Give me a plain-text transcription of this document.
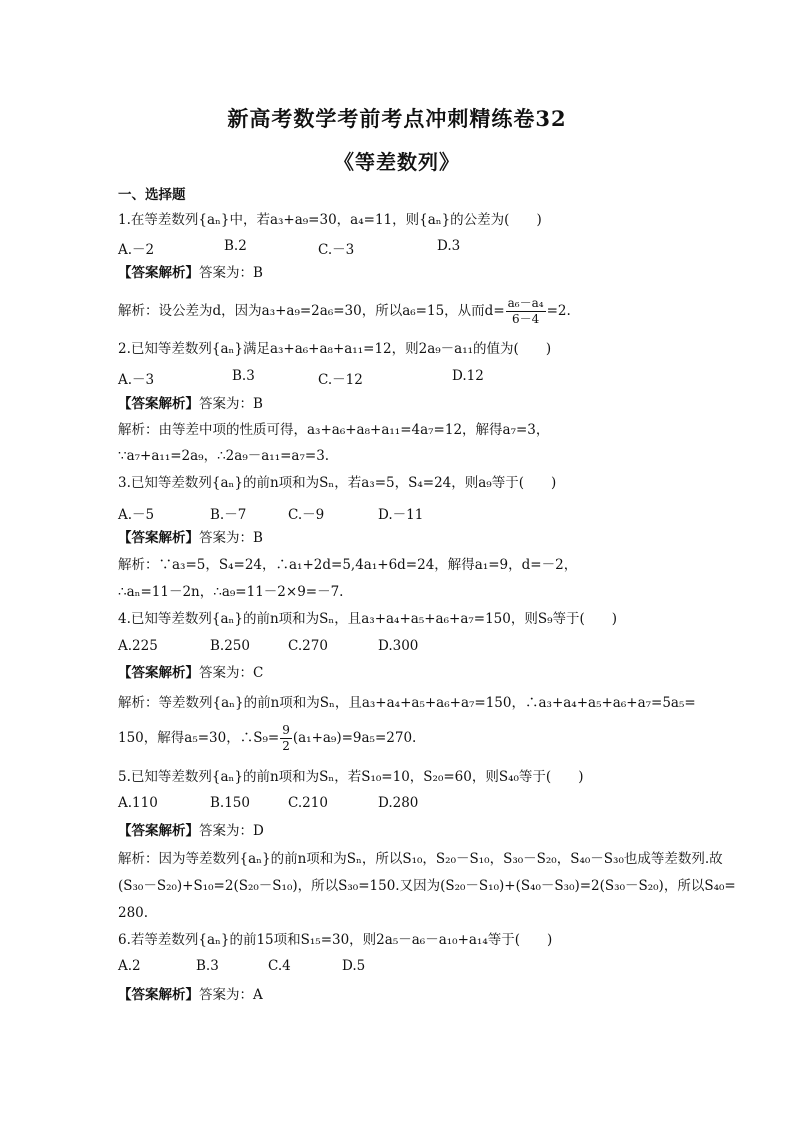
新高考数学考前考点冲刺精练卷32
《等差数列》
一、选择题
1.在等差数列{aₙ}中，若a₃+a₉=30，a₄=11，则{aₙ}的公差为(　　)
A.－2	B.2	C.－3	D.3
【答案解析】答案为：B
解析：设公差为d，因为a₃+a₉=2a₆=30，所以a₆=15，从而$d= \frac{\text{a₆－a₄}}{6-4} =2$.
2.已知等差数列{aₙ}满足a₃+a₆+a₈+a₁₁=12，则2a₉－a₁₁的值为(　　)
A.－3	B.3	C.－12	D.12
【答案解析】答案为：B
解析：由等差中项的性质可得，a₃+a₆+a₈+a₁₁=4a₇=12，解得a₇=3，
∵a₇+a₁₁=2a₉，∴2a₉－a₁₁=a₇=3.
3.已知等差数列{aₙ}的前n项和为Sₙ，若a₃=5，S₄=24，则a₉等于(　　)
A.－5	B.－7	C.－9	D.－11
【答案解析】答案为：B
解析：∵a₃=5，S₄=24，∴a₁+2d=5,4a₁+6d=24，解得a₁=9，d=－2，
∴aₙ=11－2n，∴a₉=11－2×9=－7.
4.已知等差数列{aₙ}的前n项和为Sₙ，且a₃+a₄+a₅+a₆+a₇=150，则S₉等于(　　)
A.225	B.250	C.270	D.300
【答案解析】答案为：C
解析：等差数列{aₙ}的前n项和为Sₙ，且a₃+a₄+a₅+a₆+a₇=150，∴a₃+a₄+a₅+a₆+a₇=5a₅=
150，解得a₅=30，∴S₉= $\frac{9}{2} (a_1+a_9)=9a_5=270$.
5.已知等差数列{aₙ}的前n项和为Sₙ，若S₁₀=10，S₂₀=60，则S₄₀等于(　　)
A.110	B.150	C.210	D.280
【答案解析】答案为：D
解析：因为等差数列{aₙ}的前n项和为Sₙ，所以S₁₀，S₂₀－S₁₀，S₃₀－S₂₀，S₄₀－S₃₀也成等差数列.故
(S₃₀－S₂₀)+S₁₀=2(S₂₀－S₁₀)，所以S₃₀=150.又因为(S₂₀－S₁₀)+(S₄₀－S₃₀)=2(S₃₀－S₂₀)，所以S₄₀=
280.
6.若等差数列{aₙ}的前15项和S₁₅=30，则2a₅－a₆－a₁₀+a₁₄等于(　　)
A.2	B.3	C.4	D.5
【答案解析】答案为：A
